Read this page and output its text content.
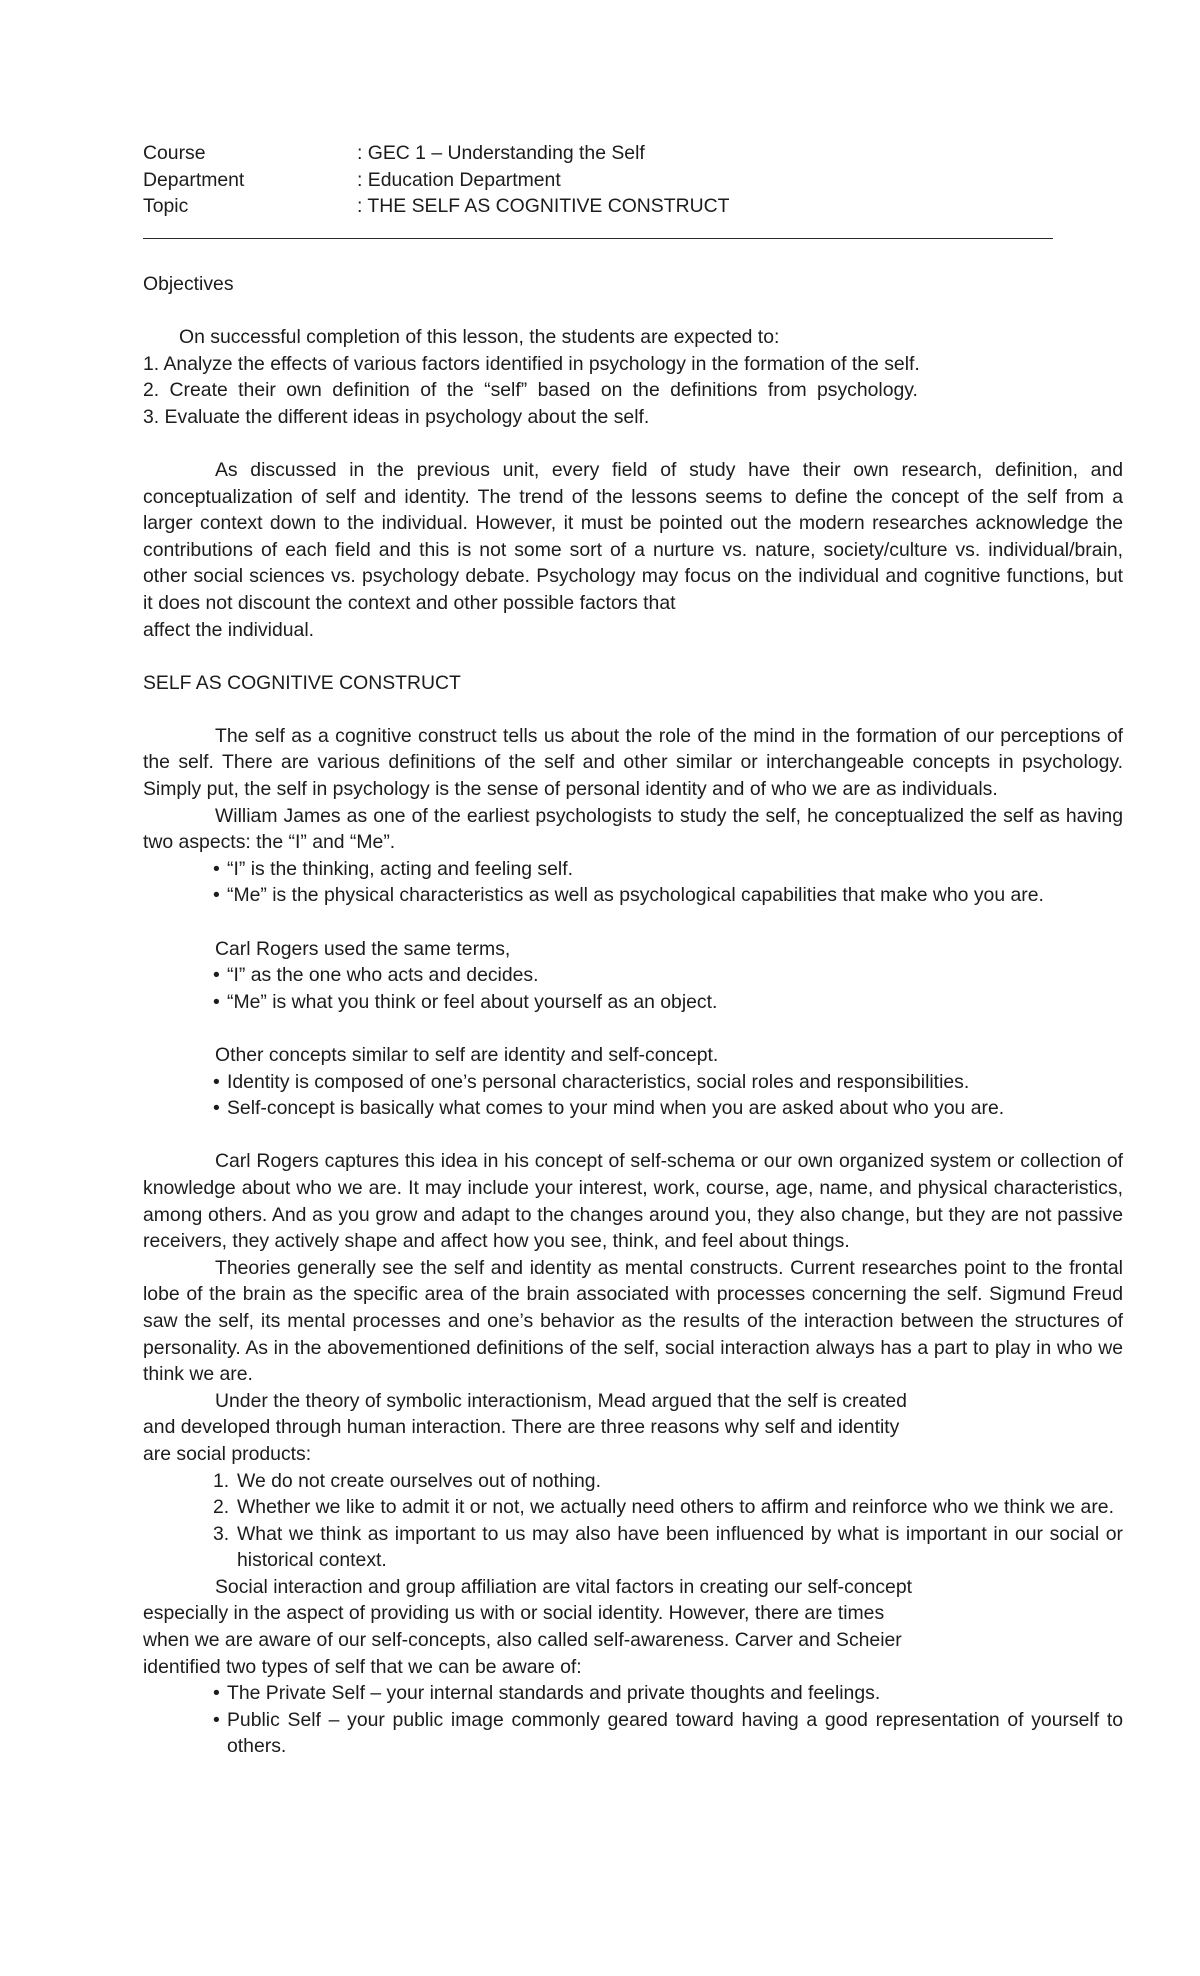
Course	: GEC 1 – Understanding the Self
Department	: Education Department
Topic	: THE SELF AS COGNITIVE CONSTRUCT

Objectives

On successful completion of this lesson, the students are expected to:

1. Analyze the effects of various factors identified in psychology in the formation of the self.

2. Create their own definition of the “self” based on the definitions from psychology.

3. Evaluate the different ideas in psychology about the self.

As discussed in the previous unit, every field of study have their own research, definition, and conceptualization of self and identity. The trend of the lessons seems to define the concept of the self from a larger context down to the individual. However, it must be pointed out the modern researches acknowledge the contributions of each field and this is not some sort of a nurture vs. nature, society/culture vs. individual/brain, other social sciences vs. psychology debate. Psychology may focus on the individual and cognitive functions, but it does not discount the context and other possible factors that

affect the individual.

SELF AS COGNITIVE CONSTRUCT

The self as a cognitive construct tells us about the role of the mind in the formation of our perceptions of the self. There are various definitions of the self and other similar or interchangeable concepts in psychology. Simply put, the self in psychology is the sense of personal identity and of who we are as individuals.

William James as one of the earliest psychologists to study the self, he conceptualized the self as having two aspects: the “I” and “Me”.

• “I” is the thinking, acting and feeling self.
• “Me” is the physical characteristics as well as psychological capabilities that make who you are.

Carl Rogers used the same terms,

• “I” as the one who acts and decides.
• “Me” is what you think or feel about yourself as an object.

Other concepts similar to self are identity and self-concept.

• Identity is composed of one’s personal characteristics, social roles and responsibilities.
• Self-concept is basically what comes to your mind when you are asked about who you are.

Carl Rogers captures this idea in his concept of self-schema or our own organized system or collection of knowledge about who we are. It may include your interest, work, course, age, name, and physical characteristics, among others. And as you grow and adapt to the changes around you, they also change, but they are not passive receivers, they actively shape and affect how you see, think, and feel about things.

Theories generally see the self and identity as mental constructs. Current researches point to the frontal lobe of the brain as the specific area of the brain associated with processes concerning the self. Sigmund Freud saw the self, its mental processes and one’s behavior as the results of the interaction between the structures of personality. As in the abovementioned definitions of the self, social interaction always has a part to play in who we think we are.

Under the theory of symbolic interactionism, Mead argued that the self is created

and developed through human interaction. There are three reasons why self and identity

are social products:

1. We do not create ourselves out of nothing.
2. Whether we like to admit it or not, we actually need others to affirm and reinforce who we think we are.
3. What we think as important to us may also have been influenced by what is important in our social or historical context.

Social interaction and group affiliation are vital factors in creating our self-concept

especially in the aspect of providing us with or social identity. However, there are times

when we are aware of our self-concepts, also called self-awareness. Carver and Scheier

identified two types of self that we can be aware of:

• The Private Self – your internal standards and private thoughts and feelings.
• Public Self – your public image commonly geared toward having a good representation of yourself to others.
